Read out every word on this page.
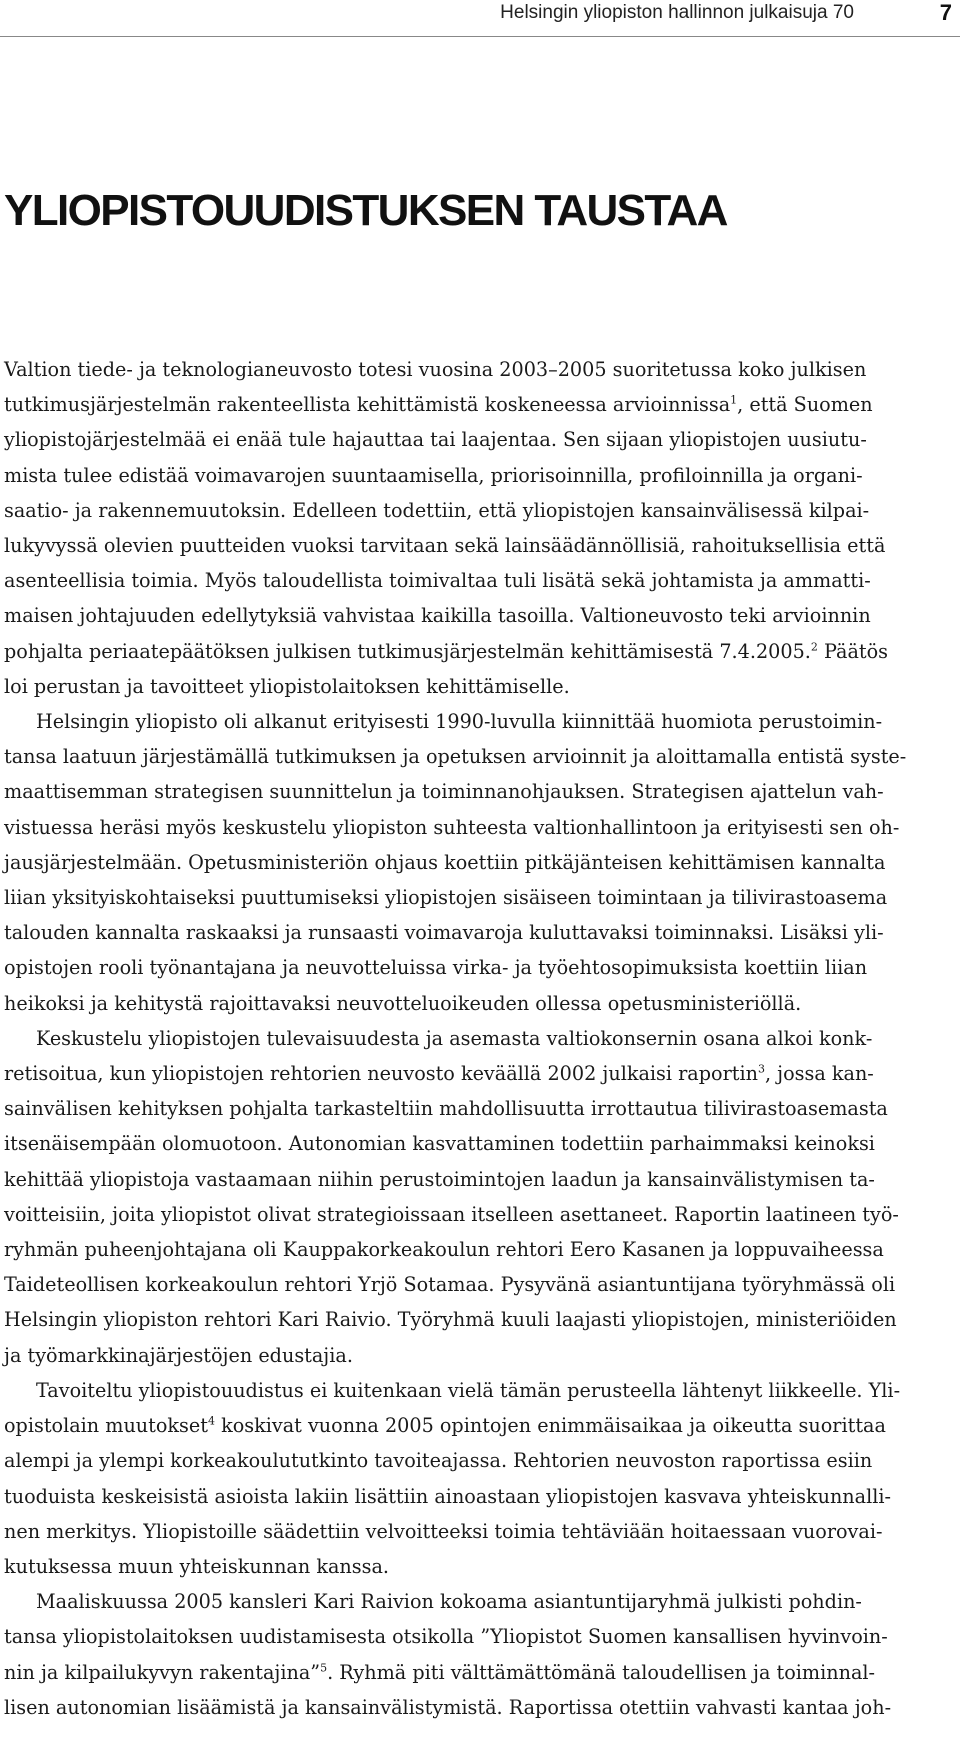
Helsingin yliopiston hallinnon julkaisuja 70	7
YLIOPISTOUUDISTUKSEN TAUSTAA

Valtion tiede- ja teknologianeuvosto totesi vuosina 2003–2005 suoritetussa koko julkisen
tutkimusjärjestelmän rakenteellista kehittämistä koskeneessa arvioinnissa$^1$, että Suomen
yliopistojärjestelmää ei enää tule hajauttaa tai laajentaa. Sen sijaan yliopistojen uusiutu-
mista tulee edistää voimavarojen suuntaamisella, priorisoinnilla, profiloinnilla ja organi-
saatio- ja rakennemuutoksin. Edelleen todettiin, että yliopistojen kansainvälisessä kilpai-
lukyvyssä olevien puutteiden vuoksi tarvitaan sekä lainsäädännöllisiä, rahoituksellisia että
asenteellisia toimia. Myös taloudellista toimivaltaa tuli lisätä sekä johtamista ja ammatti-
maisen johtajuuden edellytyksiä vahvistaa kaikilla tasoilla. Valtioneuvosto teki arvioinnin
pohjalta periaatepäätöksen julkisen tutkimusjärjestelmän kehittämisestä 7.4.2005.$^2$ Päätös
loi perustan ja tavoitteet yliopistolaitoksen kehittämiselle.

Helsingin yliopisto oli alkanut erityisesti 1990-luvulla kiinnittää huomiota perustoimin-
tansa laatuun järjestämällä tutkimuksen ja opetuksen arvioinnit ja aloittamalla entistä syste-
maattisemman strategisen suunnittelun ja toiminnanohjauksen. Strategisen ajattelun vah-
vistuessa heräsi myös keskustelu yliopiston suhteesta valtionhallintoon ja erityisesti sen oh-
jausjärjestelmään. Opetusministeriön ohjaus koettiin pitkäjänteisen kehittämisen kannalta
liian yksityiskohtaiseksi puuttumiseksi yliopistojen sisäiseen toimintaan ja tilivirastoasema
talouden kannalta raskaaksi ja runsaasti voimavaroja kuluttavaksi toiminnaksi. Lisäksi yli-
opistojen rooli työnantajana ja neuvotteluissa virka- ja työehtosopimuksista koettiin liian
heikoksi ja kehitystä rajoittavaksi neuvotteluoikeuden ollessa opetusministeriöllä.

Keskustelu yliopistojen tulevaisuudesta ja asemasta valtiokonsernin osana alkoi konk-
retisoitua, kun yliopistojen rehtorien neuvosto keväällä 2002 julkaisi raportin$^3$, jossa kan-
sainvälisen kehityksen pohjalta tarkasteltiin mahdollisuutta irrottautua tilivirastoasemasta
itsenäisempään olomuotoon. Autonomian kasvattaminen todettiin parhaimmaksi keinoksi
kehittää yliopistoja vastaamaan niihin perustoimintojen laadun ja kansainvälistymisen ta-
voitteisiin, joita yliopistot olivat strategioissaan itselleen asettaneet. Raportin laatineen työ-
ryhmän puheenjohtajana oli Kauppakorkeakoulun rehtori Eero Kasanen ja loppuvaiheessa
Taideteollisen korkeakoulun rehtori Yrjö Sotamaa. Pysyvänä asiantuntijana työryhmässä oli
Helsingin yliopiston rehtori Kari Raivio. Työryhmä kuuli laajasti yliopistojen, ministeriöiden
ja työmarkkinajärjestöjen edustajia.

Tavoiteltu yliopistouudistus ei kuitenkaan vielä tämän perusteella lähtenyt liikkeelle. Yli-
opistolain muutokset$^4$ koskivat vuonna 2005 opintojen enimmäisaikaa ja oikeutta suorittaa
alempi ja ylempi korkeakoulututkinto tavoiteajassa. Rehtorien neuvoston raportissa esiin
tuoduista keskeisistä asioista lakiin lisättiin ainoastaan yliopistojen kasvava yhteiskunnalli-
nen merkitys. Yliopistoille säädettiin velvoitteeksi toimia tehtäviään hoitaessaan vuorovai-
kutuksessa muun yhteiskunnan kanssa.

Maaliskuussa 2005 kansleri Kari Raivion kokoama asiantuntijaryhmä julkisti pohdin-
tansa yliopistolaitoksen uudistamisesta otsikolla ”Yliopistot Suomen kansallisen hyvinvoin-
nin ja kilpailukyvyn rakentajina”$^5$. Ryhmä piti välttämättömänä taloudellisen ja toiminnal-
lisen autonomian lisäämistä ja kansainvälistymistä. Raportissa otettiin vahvasti kantaa joh-
